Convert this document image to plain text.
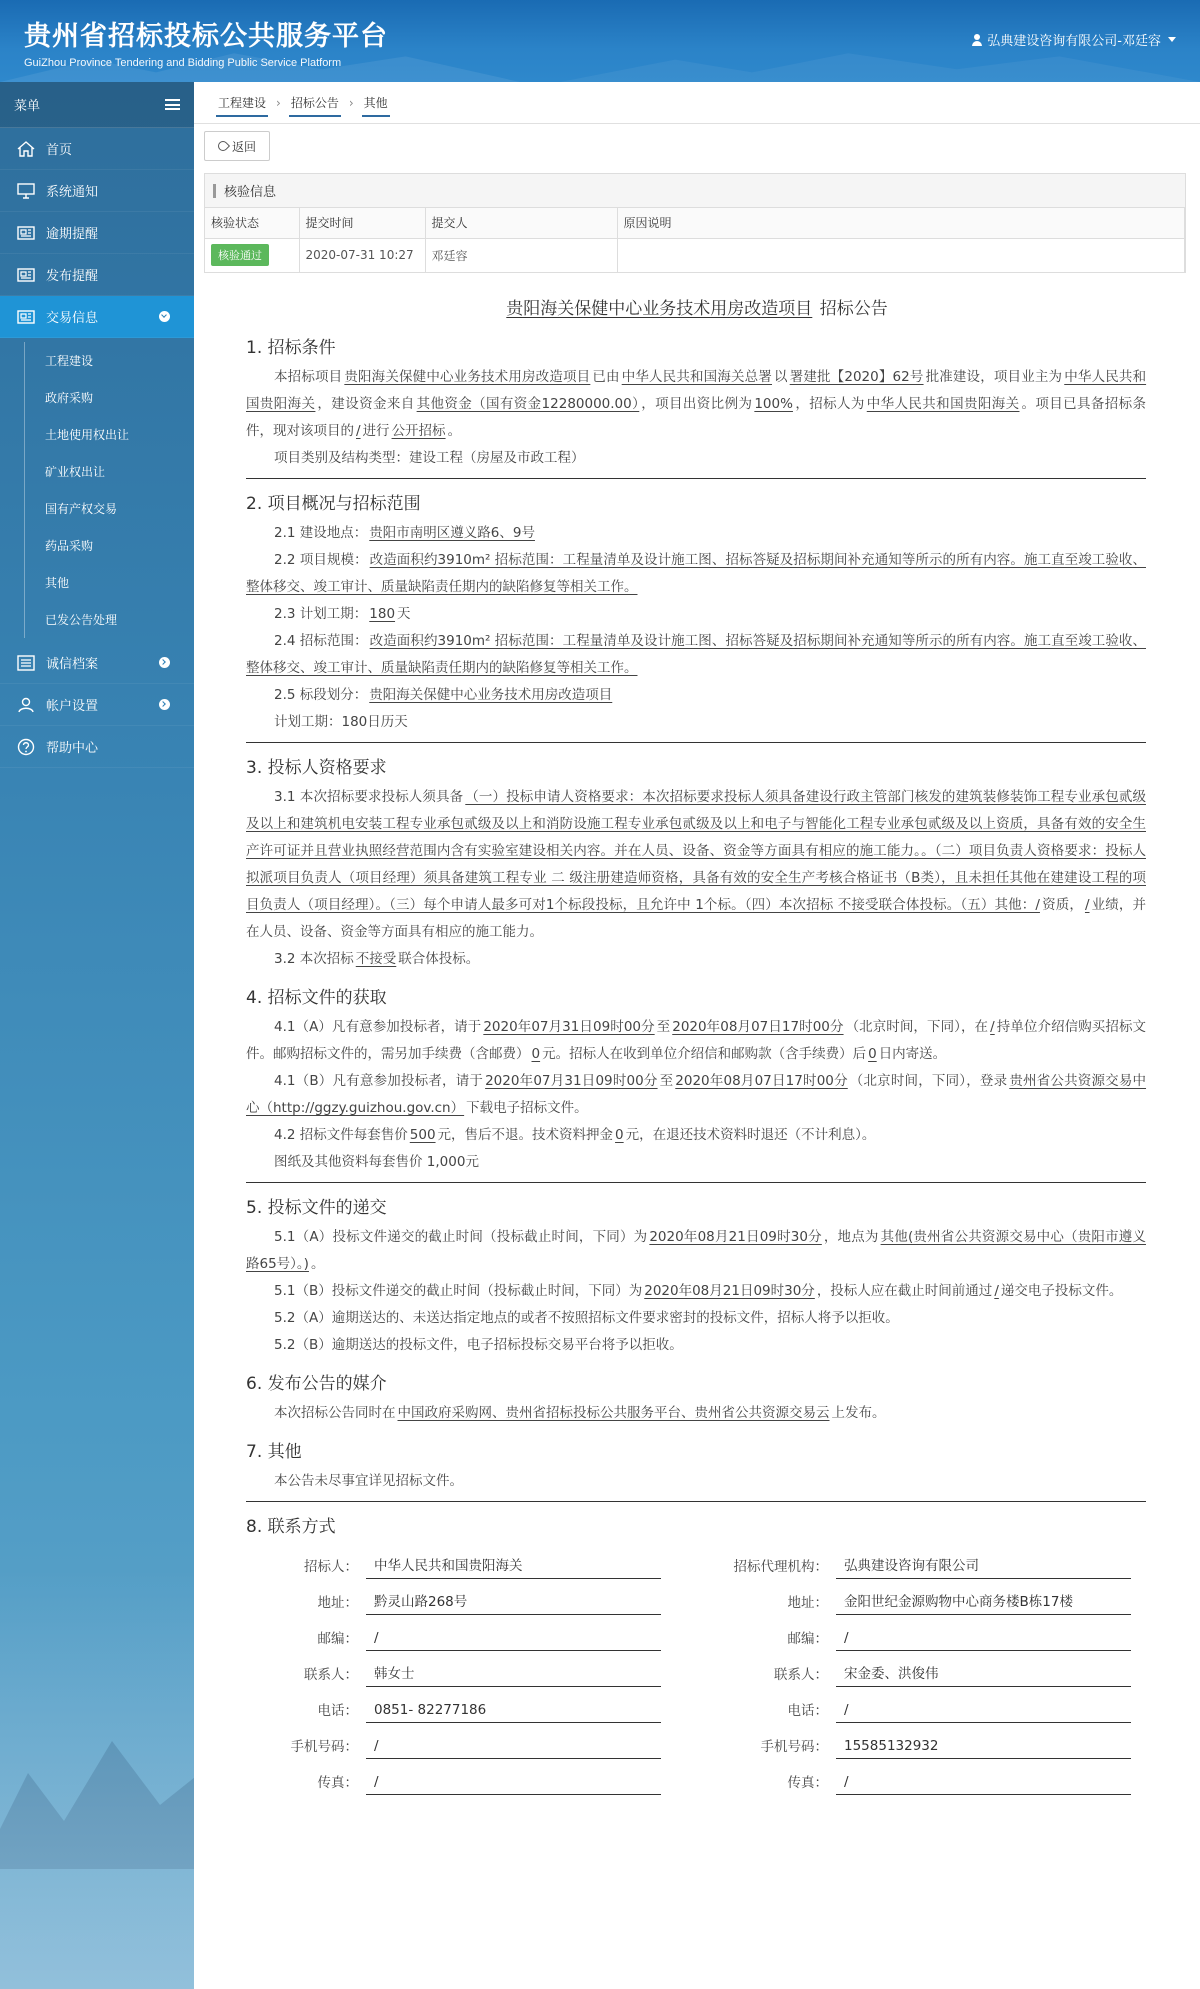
贵州省招标投标公共服务平台
GuiZhou Province Tendering and Bidding Public Service Platform
弘典建设咨询有限公司-邓廷容
菜单
首页
系统通知
逾期提醒
发布提醒
交易信息
工程建设
政府采购
土地使用权出让
矿业权出让
国有产权交易
药品采购
其他
已发公告处理
诚信档案
帐户设置
帮助中心
工程建设 › 招标公告 › 其他
返回
核验信息
核验状态	提交时间	提交人	原因说明
核验通过	2020-07-31 10:27	邓廷容	
贵阳海关保健中心业务技术用房改造项目 招标公告
1. 招标条件
本招标项目 贵阳海关保健中心业务技术用房改造项目 已由 中华人民共和国海关总署 以 署建批【2020】62号 批准建设，项目业主为 中华人民共和国贵阳海关 ，建设资金来自 其他资金（国有资金12280000.00） ，项目出资比例为 100% ，招标人为 中华人民共和国贵阳海关 。项目已具备招标条件，现对该项目的 / 进行 公开招标 。
项目类别及结构类型：建设工程（房屋及市政工程）
2. 项目概况与招标范围
2.1 建设地点： 贵阳市南明区遵义路6、9号
2.2 项目规模： 改造面积约3910m² 招标范围：工程量清单及设计施工图、招标答疑及招标期间补充通知等所示的所有内容。施工直至竣工验收、整体移交、竣工审计、质量缺陷责任期内的缺陷修复等相关工作。
2.3 计划工期： 180 天
2.4 招标范围： 改造面积约3910m² 招标范围：工程量清单及设计施工图、招标答疑及招标期间补充通知等所示的所有内容。施工直至竣工验收、整体移交、竣工审计、质量缺陷责任期内的缺陷修复等相关工作。
2.5 标段划分： 贵阳海关保健中心业务技术用房改造项目
计划工期：180日历天
3. 投标人资格要求
3.1 本次招标要求投标人须具备 （一）投标申请人资格要求：本次招标要求投标人须具备建设行政主管部门核发的建筑装修装饰工程专业承包贰级及以上和建筑机电安装工程专业承包贰级及以上和消防设施工程专业承包贰级及以上和电子与智能化工程专业承包贰级及以上资质，具备有效的安全生产许可证并且营业执照经营范围内含有实验室建设相关内容。并在人员、设备、资金等方面具有相应的施工能力。。（二）项目负责人资格要求：投标人拟派项目负责人（项目经理）须具备建筑工程专业 二 级注册建造师资格，具备有效的安全生产考核合格证书（B类），且未担任其他在建建设工程的项目负责人（项目经理）。（三）每个申请人最多可对1个标段投标，且允许中 1个标。（四）本次招标 不接受联合体投标。（五）其他：/ 资质， / 业绩，并在人员、设备、资金等方面具有相应的施工能力。
3.2 本次招标 不接受 联合体投标。
4. 招标文件的获取
4.1（A）凡有意参加投标者，请于 2020年07月31日09时00分 至 2020年08月07日17时00分 （北京时间，下同），在 / 持单位介绍信购买招标文件。邮购招标文件的，需另加手续费（含邮费） 0 元。招标人在收到单位介绍信和邮购款（含手续费）后 0 日内寄送。
4.1（B）凡有意参加投标者，请于 2020年07月31日09时00分 至 2020年08月07日17时00分 （北京时间，下同），登录 贵州省公共资源交易中心（http://ggzy.guizhou.gov.cn） 下载电子招标文件。
4.2 招标文件每套售价 500 元，售后不退。技术资料押金 0 元，在退还技术资料时退还（不计利息）。
图纸及其他资料每套售价 1,000元
5. 投标文件的递交
5.1（A）投标文件递交的截止时间（投标截止时间，下同）为 2020年08月21日09时30分 ，地点为 其他(贵州省公共资源交易中心（贵阳市遵义路65号）。) 。
5.1（B）投标文件递交的截止时间（投标截止时间，下同）为 2020年08月21日09时30分 ，投标人应在截止时间前通过 / 递交电子投标文件。
5.2（A）逾期送达的、未送达指定地点的或者不按照招标文件要求密封的投标文件，招标人将予以拒收。
5.2（B）逾期送达的投标文件，电子招标投标交易平台将予以拒收。
6. 发布公告的媒介
本次招标公告同时在 中国政府采购网、贵州省招标投标公共服务平台、贵州省公共资源交易云 上发布。
7. 其他
本公告未尽事宜详见招标文件。
8. 联系方式
招标人：	中华人民共和国贵阳海关
地址：	黔灵山路268号
邮编：	/
联系人：	韩女士
电话：	0851- 82277186
手机号码：	/
传真：	/
招标代理机构：	弘典建设咨询有限公司
地址：	金阳世纪金源购物中心商务楼B栋17楼
邮编：	/
联系人：	宋金委、洪俊伟
电话：	/
手机号码：	15585132932
传真：	/
